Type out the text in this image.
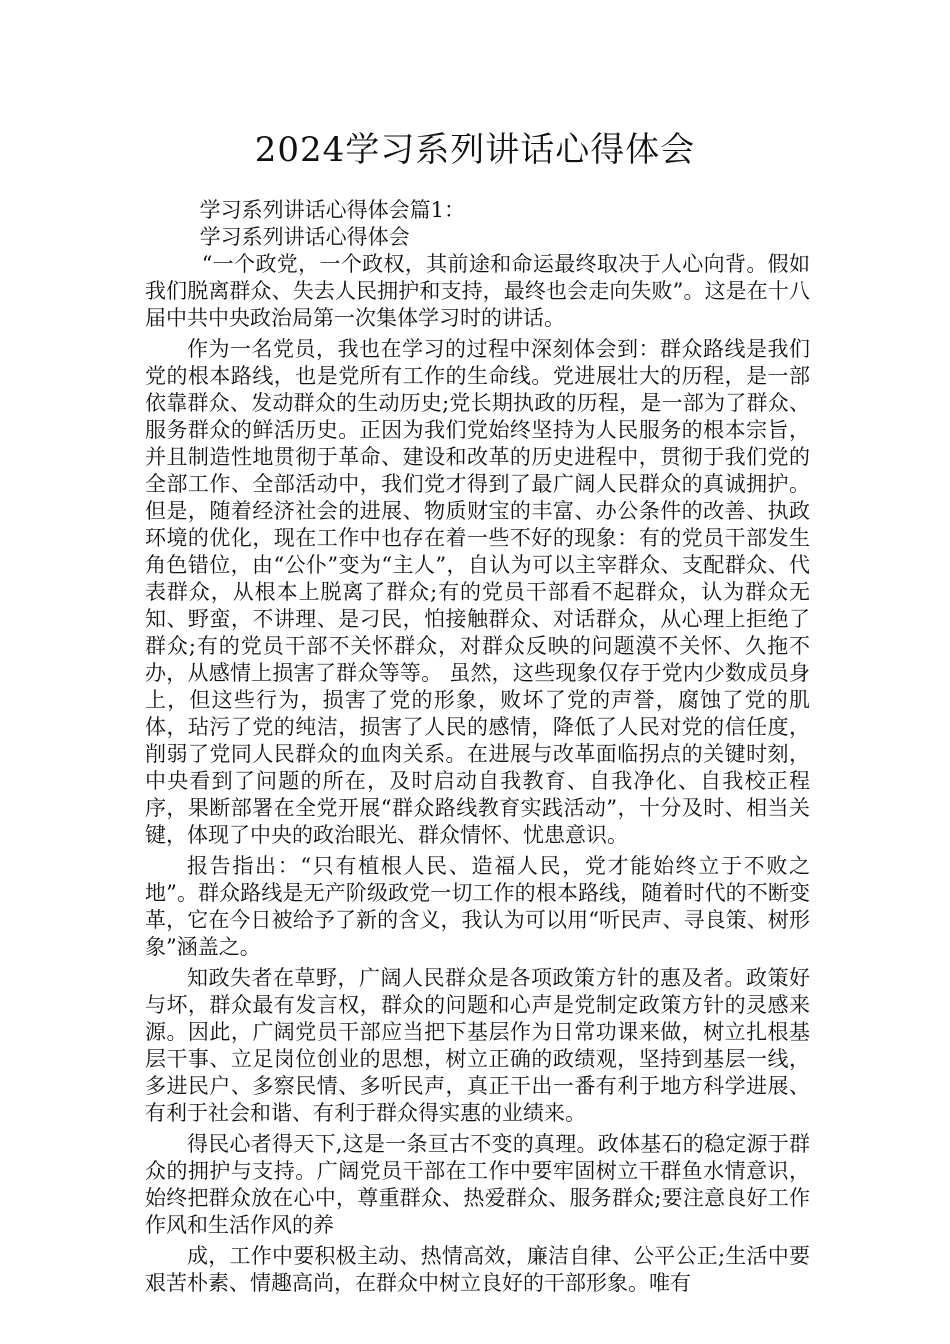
2024学习系列讲话心得体会

学习系列讲话心得体会篇1：

学习系列讲话心得体会

“一个政党，一个政权，其前途和命运最终取决于人心向背。假如我们脱离群众、失去人民拥护和支持，最终也会走向失败”。这是在十八届中共中央政治局第一次集体学习时的讲话。

作为一名党员，我也在学习的过程中深刻体会到：群众路线是我们党的根本路线，也是党所有工作的生命线。党进展壮大的历程，是一部依靠群众、发动群众的生动历史;党长期执政的历程，是一部为了群众、服务群众的鲜活历史。正因为我们党始终坚持为人民服务的根本宗旨，并且制造性地贯彻于革命、建设和改革的历史进程中，贯彻于我们党的全部工作、全部活动中，我们党才得到了最广阔人民群众的真诚拥护。但是，随着经济社会的进展、物质财宝的丰富、办公条件的改善、执政环境的优化，现在工作中也存在着一些不好的现象：有的党员干部发生角色错位，由“公仆”变为“主人”，自认为可以主宰群众、支配群众、代表群众，从根本上脱离了群众;有的党员干部看不起群众，认为群众无知、野蛮，不讲理、是刁民，怕接触群众、对话群众，从心理上拒绝了群众;有的党员干部不关怀群众，对群众反映的问题漠不关怀、久拖不办，从感情上损害了群众等等。 虽然，这些现象仅存于党内少数成员身上，但这些行为，损害了党的形象，败坏了党的声誉，腐蚀了党的肌体，玷污了党的纯洁，损害了人民的感情，降低了人民对党的信任度，削弱了党同人民群众的血肉关系。在进展与改革面临拐点的关键时刻，中央看到了问题的所在，及时启动自我教育、自我净化、自我校正程序，果断部署在全党开展“群众路线教育实践活动”，十分及时、相当关键，体现了中央的政治眼光、群众情怀、忧患意识。

报告指出：“只有植根人民、造福人民，党才能始终立于不败之地”。群众路线是无产阶级政党一切工作的根本路线，随着时代的不断变革，它在今日被给予了新的含义，我认为可以用“听民声、寻良策、树形象”涵盖之。

知政失者在草野，广阔人民群众是各项政策方针的惠及者。政策好与坏，群众最有发言权，群众的问题和心声是党制定政策方针的灵感来源。因此，广阔党员干部应当把下基层作为日常功课来做，树立扎根基层干事、立足岗位创业的思想，树立正确的政绩观，坚持到基层一线，多进民户、多察民情、多听民声，真正干出一番有利于地方科学进展、有利于社会和谐、有利于群众得实惠的业绩来。

得民心者得天下,这是一条亘古不变的真理。政体基石的稳定源于群众的拥护与支持。广阔党员干部在工作中要牢固树立干群鱼水情意识，始终把群众放在心中，尊重群众、热爱群众、服务群众;要注意良好工作作风和生活作风的养

成，工作中要积极主动、热情高效，廉洁自律、公平公正;生活中要艰苦朴素、情趣高尚，在群众中树立良好的干部形象。唯有
